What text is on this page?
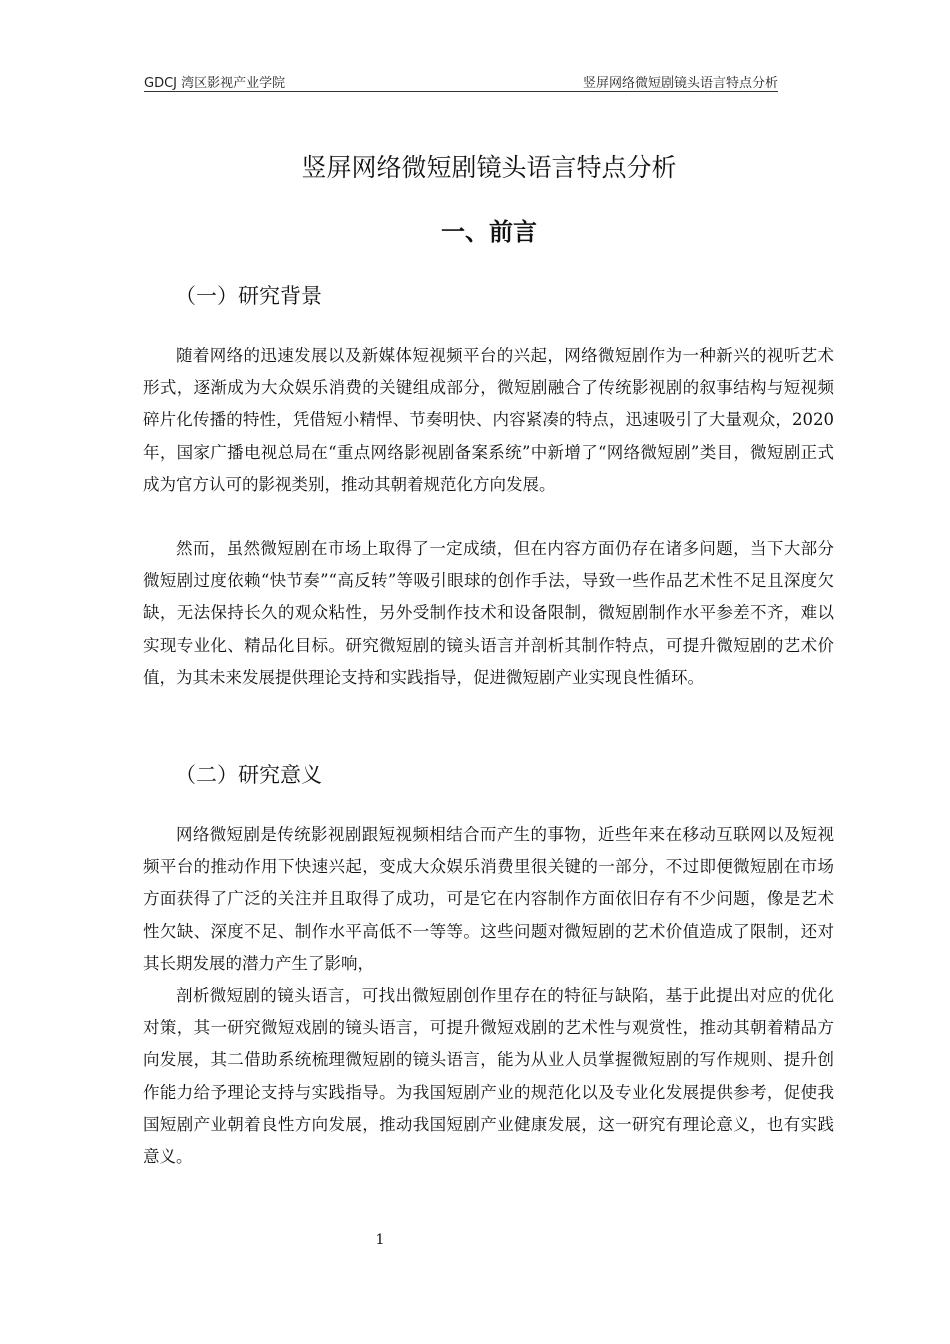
GDCJ 湾区影视产业学院	竖屏网络微短剧镜头语言特点分析
竖屏网络微短剧镜头语言特点分析
一、前言
（一）研究背景

随着网络的迅速发展以及新媒体短视频平台的兴起，网络微短剧作为一种新兴的视听艺术形式，逐渐成为大众娱乐消费的关键组成部分，微短剧融合了传统影视剧的叙事结构与短视频碎片化传播的特性，凭借短小精悍、节奏明快、内容紧凑的特点，迅速吸引了大量观众，2020 年，国家广播电视总局在“重点网络影视剧备案系统”中新增了“网络微短剧”类目，微短剧正式成为官方认可的影视类别，推动其朝着规范化方向发展。

然而，虽然微短剧在市场上取得了一定成绩，但在内容方面仍存在诸多问题，当下大部分微短剧过度依赖“快节奏”“高反转”等吸引眼球的创作手法，导致一些作品艺术性不足且深度欠缺，无法保持长久的观众粘性，另外受制作技术和设备限制，微短剧制作水平参差不齐，难以实现专业化、精品化目标。研究微短剧的镜头语言并剖析其制作特点，可提升微短剧的艺术价值，为其未来发展提供理论支持和实践指导，促进微短剧产业实现良性循环。

（二）研究意义

网络微短剧是传统影视剧跟短视频相结合而产生的事物，近些年来在移动互联网以及短视频平台的推动作用下快速兴起，变成大众娱乐消费里很关键的一部分，不过即便微短剧在市场方面获得了广泛的关注并且取得了成功，可是它在内容制作方面依旧存有不少问题，像是艺术性欠缺、深度不足、制作水平高低不一等等。这些问题对微短剧的艺术价值造成了限制，还对其长期发展的潜力产生了影响，

剖析微短剧的镜头语言，可找出微短剧创作里存在的特征与缺陷，基于此提出对应的优化对策，其一研究微短戏剧的镜头语言，可提升微短戏剧的艺术性与观赏性，推动其朝着精品方向发展，其二借助系统梳理微短剧的镜头语言，能为从业人员掌握微短剧的写作规则、提升创作能力给予理论支持与实践指导。为我国短剧产业的规范化以及专业化发展提供参考，促使我国短剧产业朝着良性方向发展，推动我国短剧产业健康发展，这一研究有理论意义，也有实践意义。

1
